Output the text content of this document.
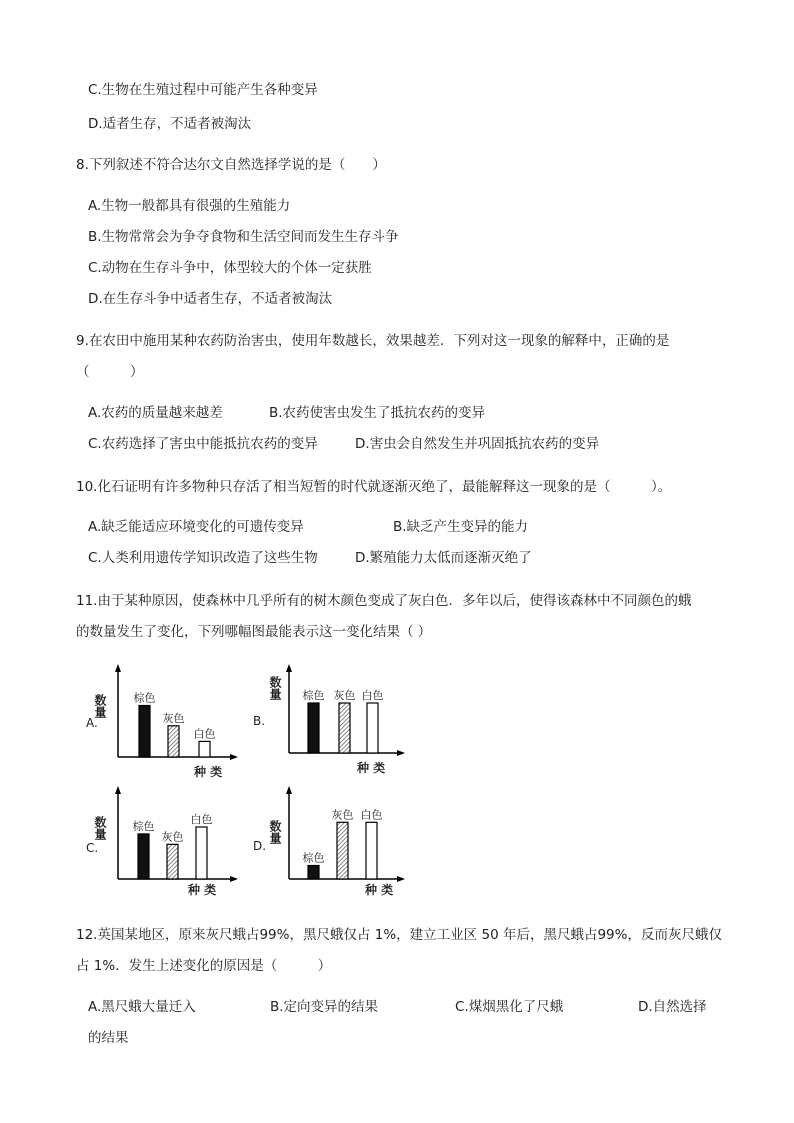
C.生物在生殖过程中可能产生各种变异
D.适者生存，不适者被淘汰
8.下列叙述不符合达尔文自然选择学说的是（　　）
A.生物一般都具有很强的生殖能力
B.生物常常会为争夺食物和生活空间而发生生存斗争
C.动物在生存斗争中，体型较大的个体一定获胜
D.在生存斗争中适者生存，不适者被淘汰
9.在农田中施用某种农药防治害虫，使用年数越长，效果越差．下列对这一现象的解释中，正确的是
（　　　）
A.农药的质量越来越差	B.农药使害虫发生了抵抗农药的变异
C.农药选择了害虫中能抵抗农药的变异	D.害虫会自然发生并巩固抵抗农药的变异
10.化石证明有许多物种只存活了相当短暂的时代就逐渐灭绝了，最能解释这一现象的是（　　　）。
A.缺乏能适应环境变化的可遗传变异	B.缺乏产生变异的能力
C.人类利用遗传学知识改造了这些生物	D.繁殖能力太低而逐渐灭绝了
11.由于某种原因，使森林中几乎所有的树木颜色变成了灰白色．多年以后，使得该森林中不同颜色的蛾
的数量发生了变化，下列哪幅图最能表示这一变化结果（ ）
A.
数量
种 类
棕色
灰色
白色
B.
数量
种 类
棕色 灰色 白色
C.
数量
种 类
棕色
灰色
白色
D.
数量
种 类
棕色
灰色 白色
12.英国某地区，原来灰尺蛾占99%，黑尺蛾仅占 1%，建立工业区 50 年后，黑尺蛾占99%，反而灰尺蛾仅
占 1%．发生上述变化的原因是（　　　）
A.黑尺蛾大量迁入	B.定向变异的结果	C.煤烟黑化了尺蛾	D.自然选择
的结果
